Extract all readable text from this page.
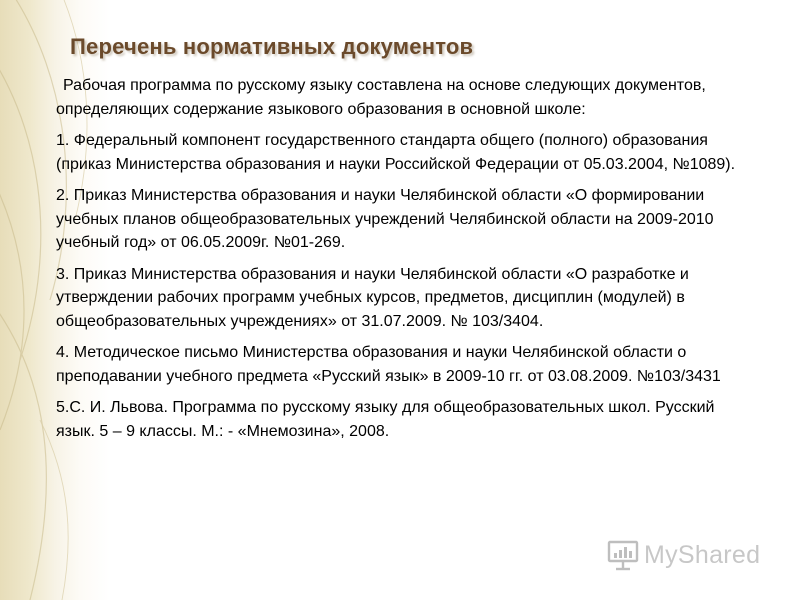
Перечень нормативных документов

Рабочая программа по русскому языку составлена на основе следующих документов, определяющих содержание языкового образования в основной школе:

1. Федеральный компонент государственного стандарта общего (полного) образования (приказ Министерства образования и науки Российской Федерации от 05.03.2004, №1089).

2. Приказ Министерства образования и науки Челябинской области «О формировании учебных планов общеобразовательных учреждений Челябинской области на 2009-2010 учебный год» от 06.05.2009г. №01-269.

3. Приказ Министерства образования и науки Челябинской области «О разработке и утверждении рабочих программ учебных курсов, предметов, дисциплин (модулей) в общеобразовательных учреждениях» от 31.07.2009. № 103/3404.

4. Методическое письмо Министерства образования и науки Челябинской области о преподавании учебного предмета «Русский язык» в 2009-10 гг. от 03.08.2009. №103/3431

5.С. И. Львова. Программа по русскому языку для общеобразовательных школ. Русский язык. 5 – 9 классы. М.: - «Мнемозина», 2008.

MyShared
